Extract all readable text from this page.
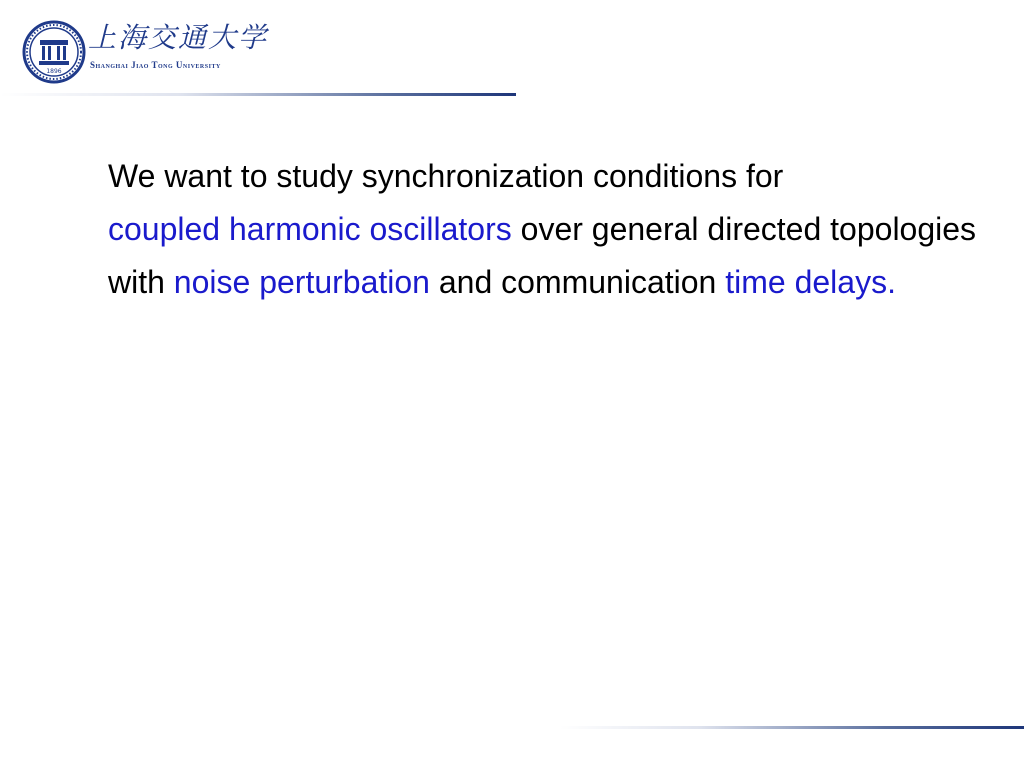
1896
上海交通大学
Shanghai Jiao Tong University
We want to study synchronization conditions for
coupled harmonic oscillators over general directed topologies with noise perturbation and communication time delays.
